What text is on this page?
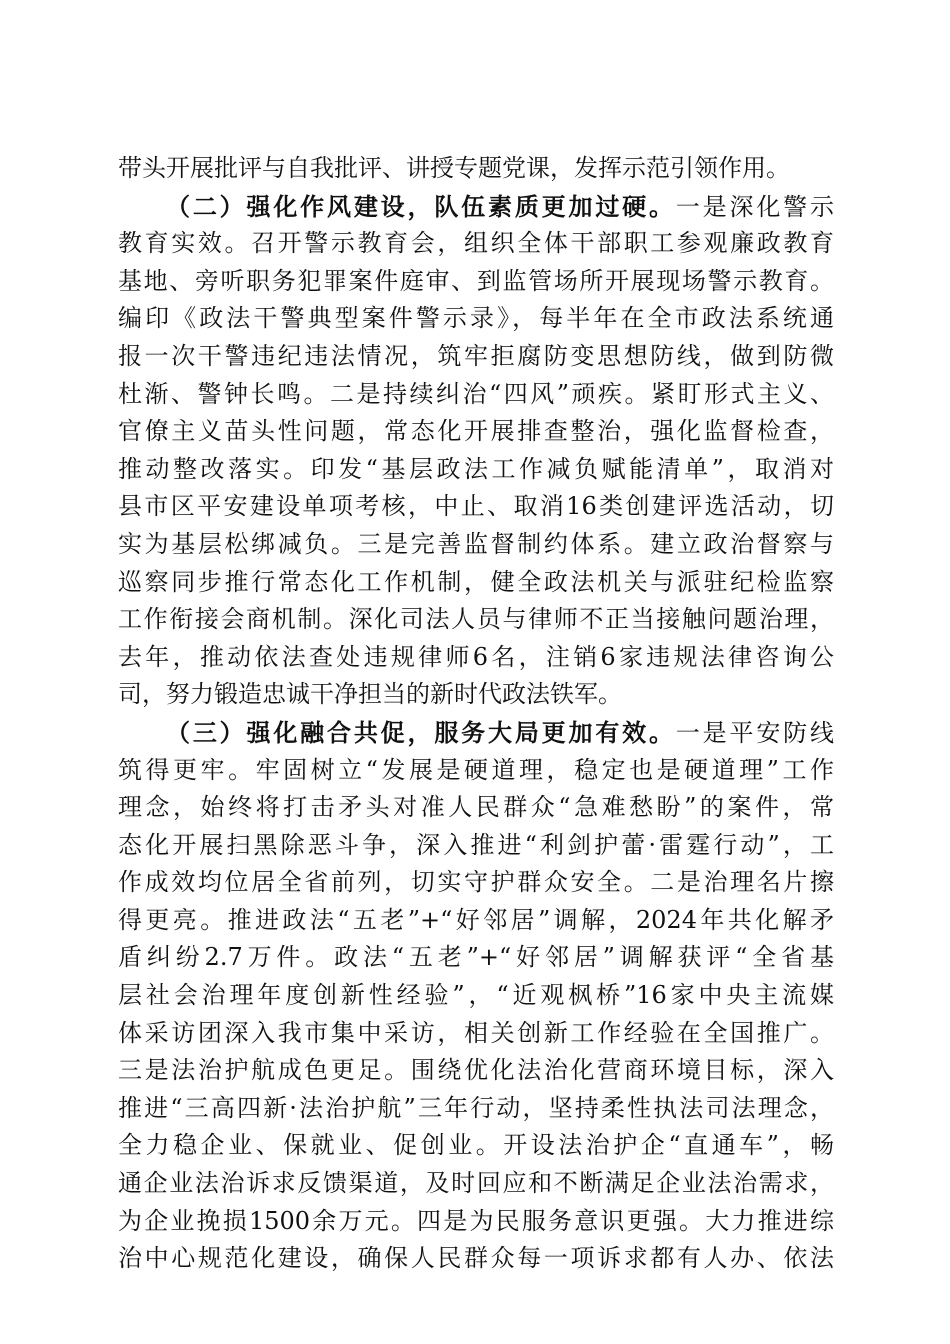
带头开展批评与自我批评、讲授专题党课，发挥示范引领作用。
（二）强化作风建设，队伍素质更加过硬。一是深化警示
教育实效。召开警示教育会，组织全体干部职工参观廉政教育
基地、旁听职务犯罪案件庭审、到监管场所开展现场警示教育。
编印《政法干警典型案件警示录》，每半年在全市政法系统通
报一次干警违纪违法情况，筑牢拒腐防变思想防线，做到防微
杜渐、警钟长鸣。二是持续纠治“四风”顽疾。紧盯形式主义、
官僚主义苗头性问题，常态化开展排查整治，强化监督检查，
推动整改落实。印发“基层政法工作减负赋能清单”，取消对
县市区平安建设单项考核，中止、取消16类创建评选活动，切
实为基层松绑减负。三是完善监督制约体系。建立政治督察与
巡察同步推行常态化工作机制，健全政法机关与派驻纪检监察
工作衔接会商机制。深化司法人员与律师不正当接触问题治理，
去年，推动依法查处违规律师6名，注销6家违规法律咨询公
司，努力锻造忠诚干净担当的新时代政法铁军。
（三）强化融合共促，服务大局更加有效。一是平安防线
筑得更牢。牢固树立“发展是硬道理，稳定也是硬道理”工作
理念，始终将打击矛头对准人民群众“急难愁盼”的案件，常
态化开展扫黑除恶斗争，深入推进“利剑护蕾·雷霆行动”，工
作成效均位居全省前列，切实守护群众安全。二是治理名片擦
得更亮。推进政法“五老”+“好邻居”调解，2024年共化解矛
盾纠纷2.7万件。政法“五老”+“好邻居”调解获评“全省基
层社会治理年度创新性经验”，“近观枫桥”16家中央主流媒
体采访团深入我市集中采访，相关创新工作经验在全国推广。
三是法治护航成色更足。围绕优化法治化营商环境目标，深入
推进“三高四新·法治护航”三年行动，坚持柔性执法司法理念，
全力稳企业、保就业、促创业。开设法治护企“直通车”，畅
通企业法治诉求反馈渠道，及时回应和不断满足企业法治需求，
为企业挽损1500余万元。四是为民服务意识更强。大力推进综
治中心规范化建设，确保人民群众每一项诉求都有人办、依法
